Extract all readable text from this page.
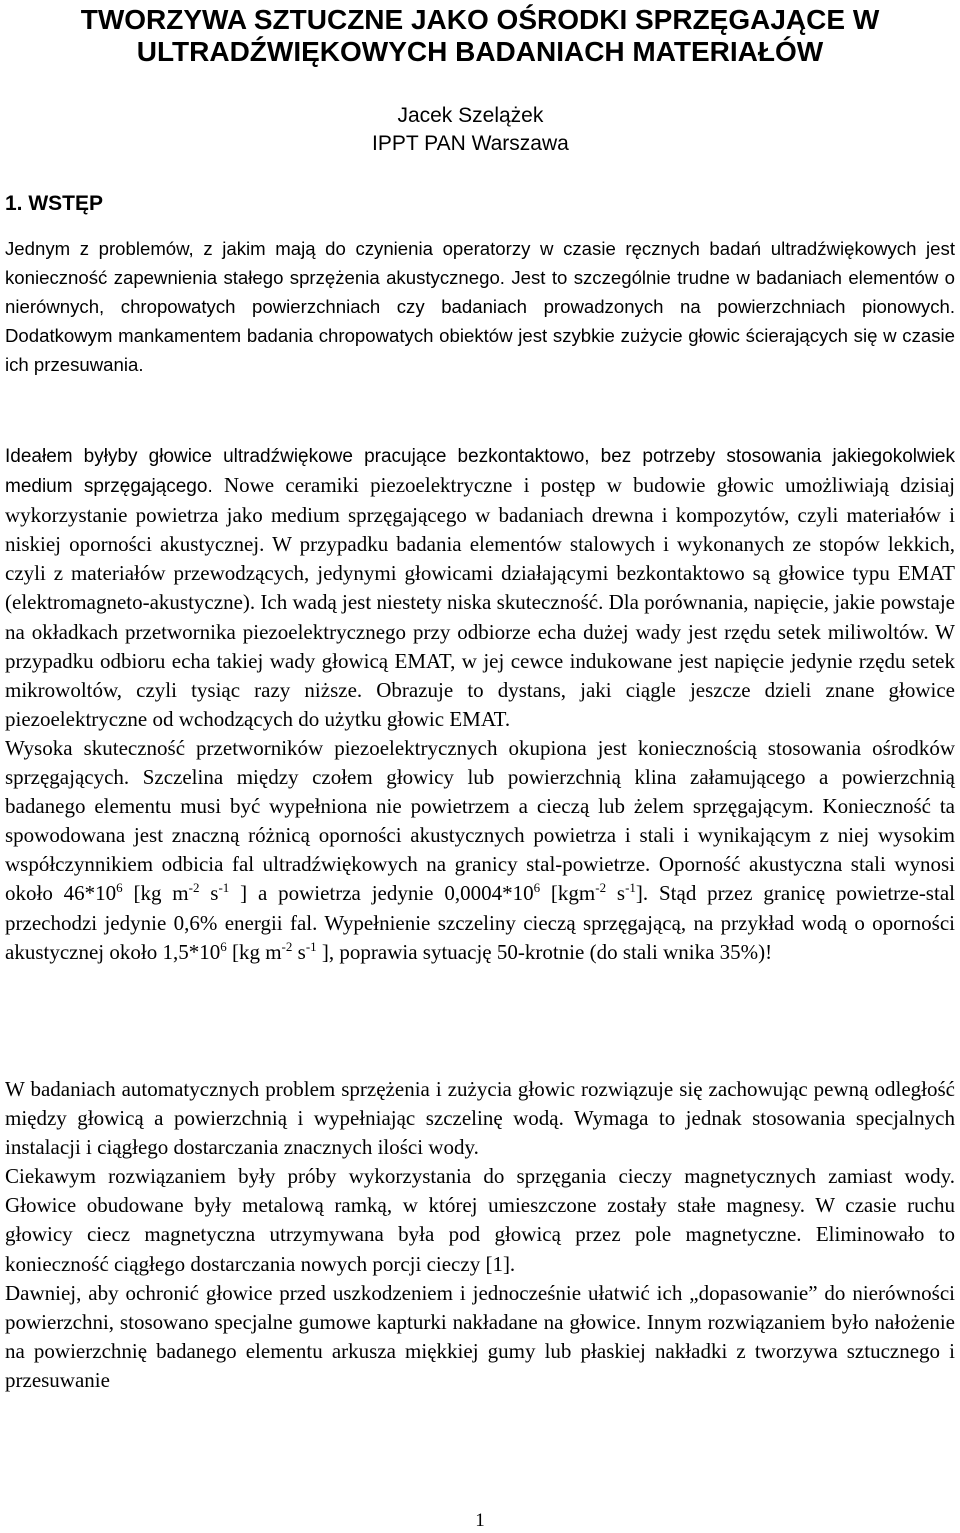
TWORZYWA SZTUCZNE JAKO OŚRODKI SPRZĘGAJĄCE W
ULTRADŹWIĘKOWYCH BADANIACH MATERIAŁÓW
Jacek Szelążek
IPPT PAN Warszawa
1. WSTĘP

Jednym z problemów, z jakim mają do czynienia operatorzy w czasie ręcznych badań ultradźwiękowych jest konieczność zapewnienia stałego sprzężenia akustycznego. Jest to szczególnie trudne w badaniach elementów o nierównych, chropowatych powierzchniach czy badaniach prowadzonych na powierzchniach pionowych. Dodatkowym mankamentem badania chropowatych obiektów jest szybkie zużycie głowic ścierających się w czasie ich przesuwania.

Ideałem byłyby głowice ultradźwiękowe pracujące bezkontaktowo, bez potrzeby stosowania jakiegokolwiek medium sprzęgającego. Nowe ceramiki piezoelektryczne i postęp w budowie głowic umożliwiają dzisiaj wykorzystanie powietrza jako medium sprzęgającego w badaniach drewna i kompozytów, czyli materiałów i niskiej oporności akustycznej. W przypadku badania elementów stalowych i wykonanych ze stopów lekkich, czyli z materiałów przewodzących, jedynymi głowicami działającymi bezkontaktowo są głowice typu EMAT (elektromagneto-akustyczne). Ich wadą jest niestety niska skuteczność. Dla porównania, napięcie, jakie powstaje na okładkach przetwornika piezoelektrycznego przy odbiorze echa dużej wady jest rzędu setek miliwoltów. W przypadku odbioru echa takiej wady głowicą EMAT, w jej cewce indukowane jest napięcie jedynie rzędu setek mikrowoltów, czyli tysiąc razy niższe. Obrazuje to dystans, jaki ciągle jeszcze dzieli znane głowice piezoelektryczne od wchodzących do użytku głowic EMAT.
Wysoka skuteczność przetworników piezoelektrycznych okupiona jest koniecznością stosowania ośrodków sprzęgających. Szczelina między czołem głowicy lub powierzchnią klina załamującego a powierzchnią badanego elementu musi być wypełniona nie powietrzem a cieczą lub żelem sprzęgającym. Konieczność ta spowodowana jest znaczną różnicą oporności akustycznych powietrza i stali i wynikającym z niej wysokim współczynnikiem odbicia fal ultradźwiękowych na granicy stal-powietrze. Oporność akustyczna stali wynosi około $46*10^6$ [kg $m^{-2}$ $s^{-1}$ ] a powietrza jedynie $0,0004*10^6$ [kgm$^{-2}$ $s^{-1}$]. Stąd przez granicę powietrze-stal przechodzi jedynie 0,6% energii fal. Wypełnienie szczeliny cieczą sprzęgającą, na przykład wodą o oporności akustycznej około $1,5*10^6$ [kg $m^{-2}$ $s^{-1}$ ], poprawia sytuację 50-krotnie (do stali wnika 35%)!

W badaniach automatycznych problem sprzężenia i zużycia głowic rozwiązuje się zachowując pewną odległość między głowicą a powierzchnią i wypełniając szczelinę wodą. Wymaga to jednak stosowania specjalnych instalacji i ciągłego dostarczania znacznych ilości wody.
Ciekawym rozwiązaniem były próby wykorzystania do sprzęgania cieczy magnetycznych zamiast wody. Głowice obudowane były metalową ramką, w której umieszczone zostały stałe magnesy. W czasie ruchu głowicy ciecz magnetyczna utrzymywana była pod głowicą przez pole magnetyczne. Eliminowało to konieczność ciągłego dostarczania nowych porcji cieczy [1].
Dawniej, aby ochronić głowice przed uszkodzeniem i jednocześnie ułatwić ich „dopasowanie” do nierówności powierzchni, stosowano specjalne gumowe kapturki nakładane na głowice. Innym rozwiązaniem było nałożenie na powierzchnię badanego elementu arkusza miękkiej gumy lub płaskiej nakładki z tworzywa sztucznego i przesuwanie

1
